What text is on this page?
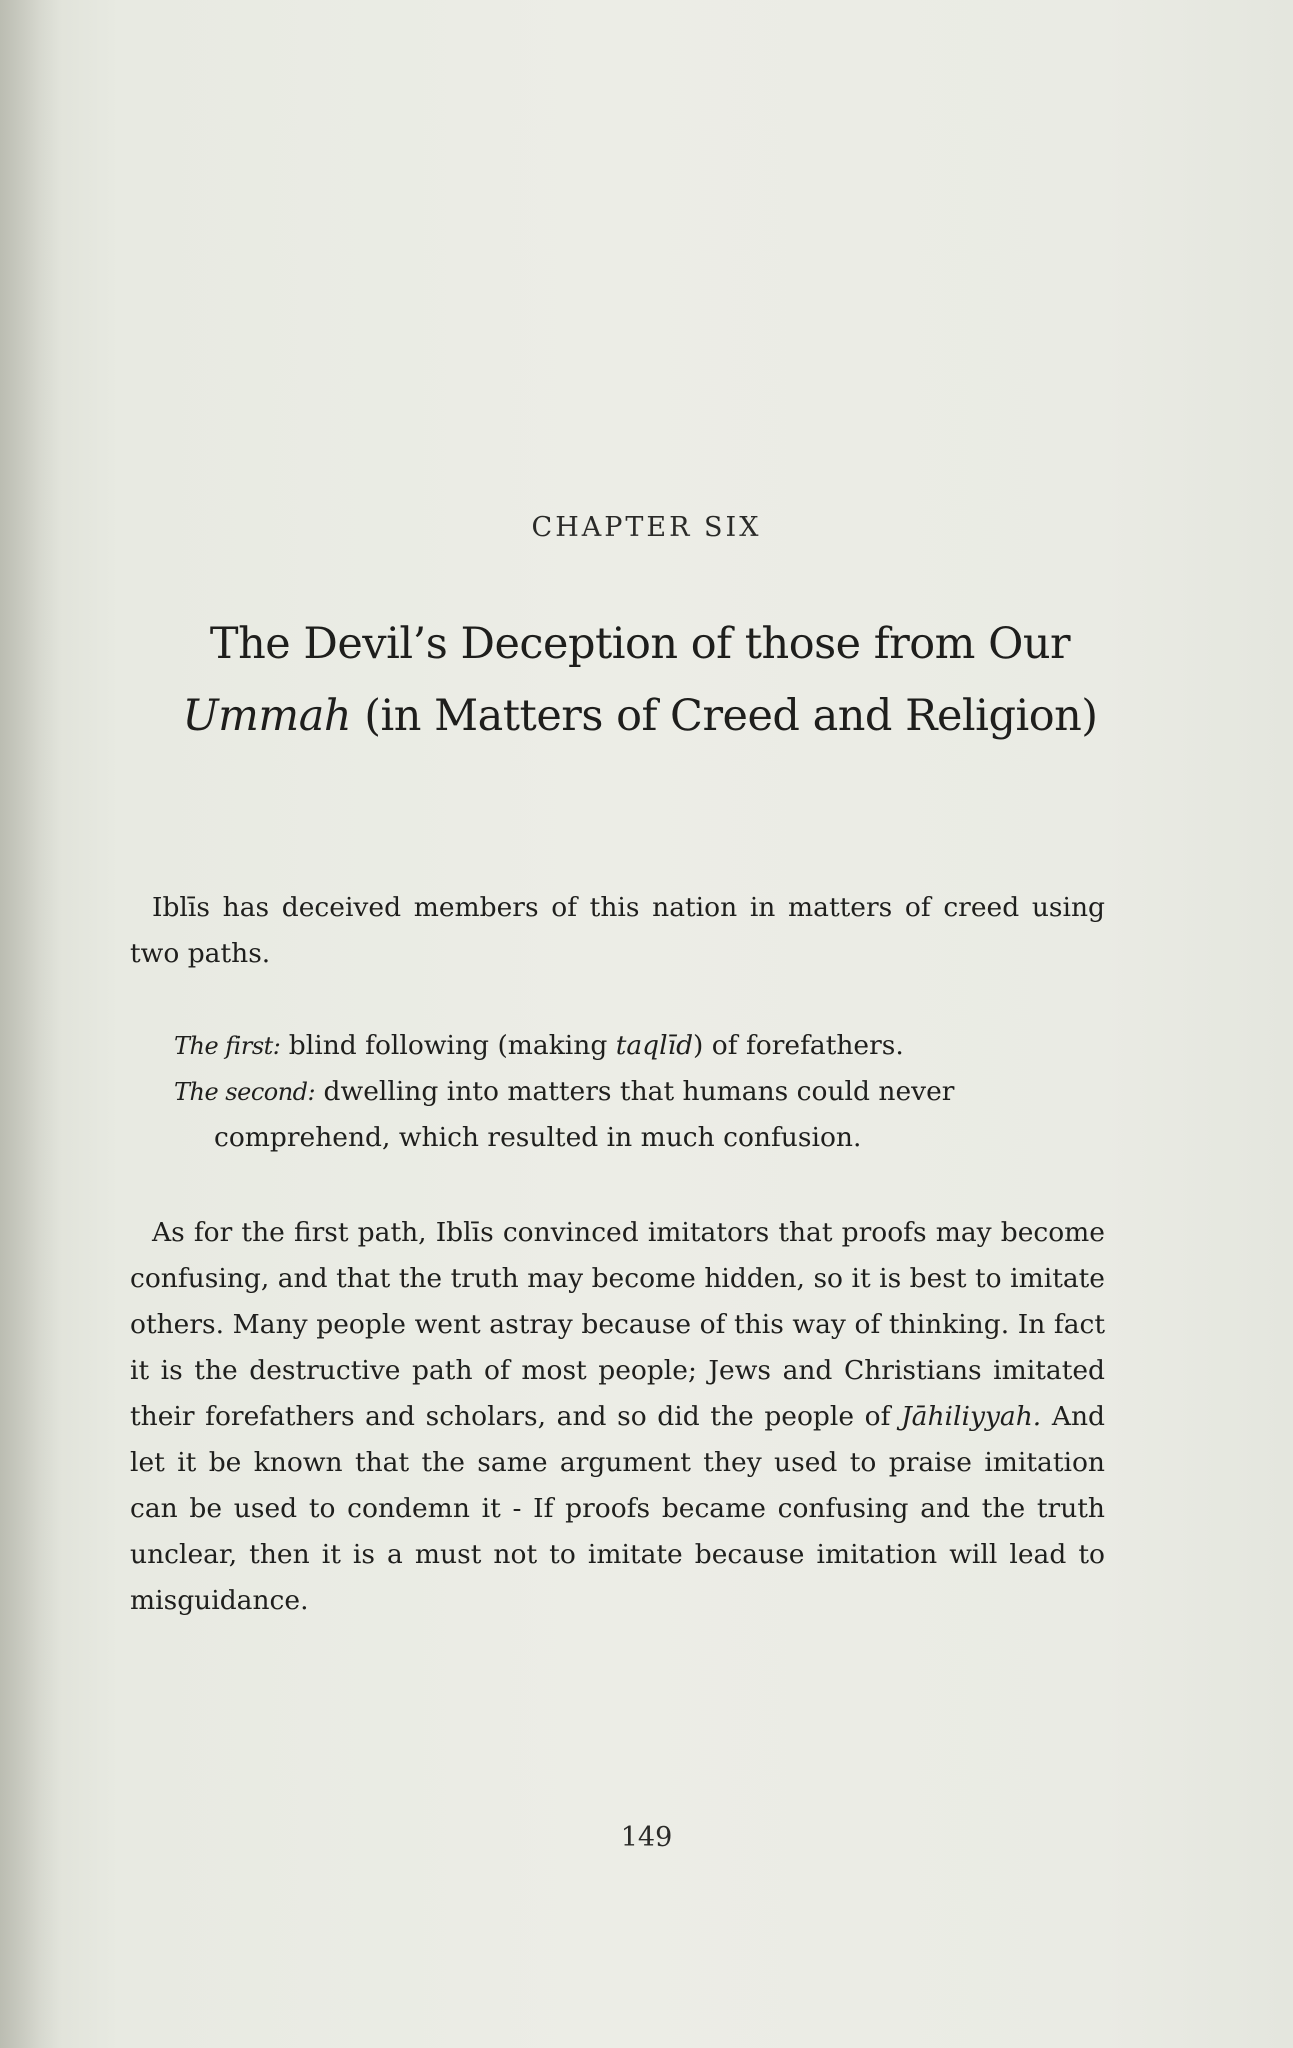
CHAPTER SIX
The Devil’s Deception of those from Our
Ummah (in Matters of Creed and Religion)
Iblīs has deceived members of this nation in matters of creed using two paths.
The first: blind following (making taqlīd) of forefathers.
The second: dwelling into matters that humans could never comprehend, which resulted in much confusion.
As for the first path, Iblīs convinced imitators that proofs may become confusing, and that the truth may become hidden, so it is best to imitate others. Many people went astray because of this way of thinking. In fact it is the destructive path of most people; Jews and Christians imitated their forefathers and scholars, and so did the people of Jāhiliyyah. And let it be known that the same argument they used to praise imitation can be used to condemn it - If proofs became confusing and the truth unclear, then it is a must not to imitate because imitation will lead to misguidance.
149
